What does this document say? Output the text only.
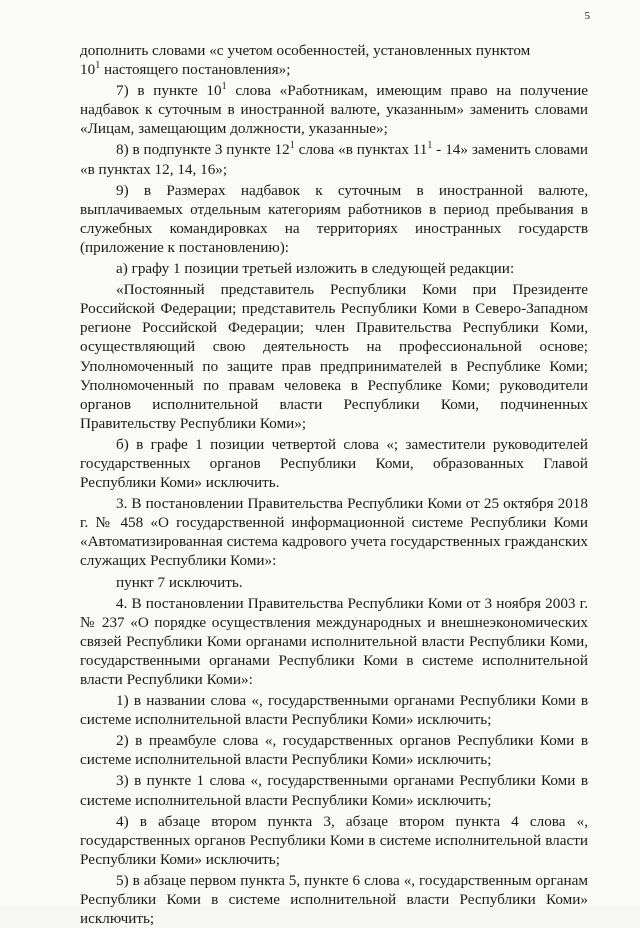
5

дополнить словами «с учетом особенностей, установленных пунктом
$10^1$ настоящего постановления»;

7) в пункте $10^1$ слова «Работникам, имеющим право на получение надбавок к суточным в иностранной валюте, указанным» заменить словами «Лицам, замещающим должности, указанные»;

8) в подпункте 3 пункте $12^1$ слова «в пунктах $11^1 - 14$» заменить словами «в пунктах 12, 14, 16»;

9) в Размерах надбавок к суточным в иностранной валюте, выплачиваемых отдельным категориям работников в период пребывания в служебных командировках на территориях иностранных государств (приложение к постановлению):

а) графу 1 позиции третьей изложить в следующей редакции:

«Постоянный представитель Республики Коми при Президенте Российской Федерации; представитель Республики Коми в Северо-Западном регионе Российской Федерации; член Правительства Республики Коми, осуществляющий свою деятельность на профессиональной основе; Уполномоченный по защите прав предпринимателей в Республике Коми; Уполномоченный по правам человека в Республике Коми; руководители органов исполнительной власти Республики Коми, подчиненных Правительству Республики Коми»;

б) в графе 1 позиции четвертой слова «; заместители руководителей государственных органов Республики Коми, образованных Главой Республики Коми» исключить.

3. В постановлении Правительства Республики Коми от 25 октября 2018 г. № 458 «О государственной информационной системе Республики Коми «Автоматизированная система кадрового учета государственных гражданских служащих Республики Коми»:

пункт 7 исключить.

4. В постановлении Правительства Республики Коми от 3 ноября 2003 г. № 237 «О порядке осуществления международных и внешнеэкономических связей Республики Коми органами исполнительной власти Республики Коми, государственными органами Республики Коми в системе исполнительной власти Республики Коми»:

1) в названии слова «, государственными органами Республики Коми в системе исполнительной власти Республики Коми» исключить;

2) в преамбуле слова «, государственных органов Республики Коми в системе исполнительной власти Республики Коми» исключить;

3) в пункте 1 слова «, государственными органами Республики Коми в системе исполнительной власти Республики Коми» исключить;

4) в абзаце втором пункта 3, абзаце втором пункта 4 слова «, государственных органов Республики Коми в системе исполнительной власти Республики Коми» исключить;

5) в абзаце первом пункта 5, пункте 6 слова «, государственным органам Республики Коми в системе исполнительной власти Республики Коми» исключить;
